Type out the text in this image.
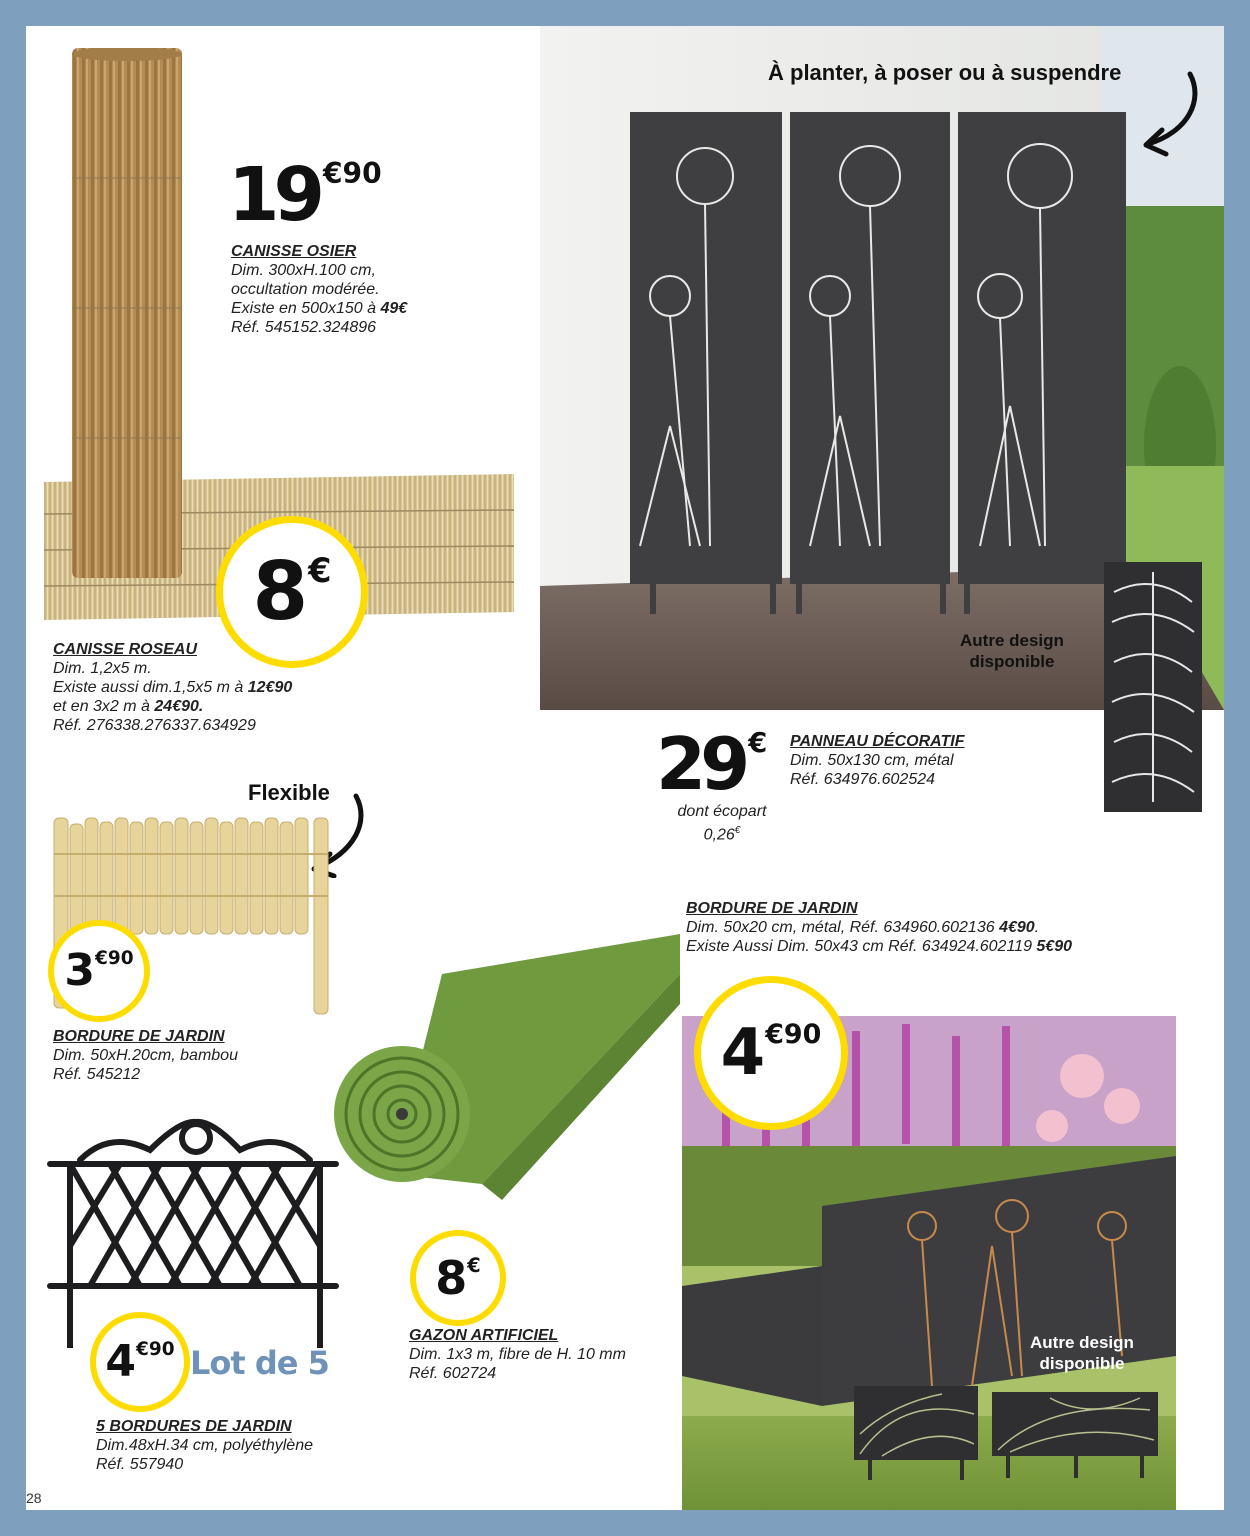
19 $^{€90}$
CANISSE OSIER
Dim. 300xH.100 cm,
occultation modérée.
Existe en 500x150 à 49€
Réf. 545152.324896
8€
CANISSE ROSEAU
Dim. 1,2x5 m.
Existe aussi dim.1,5x5 m à 12€90
et en 3x2 m à 24€90.
Réf. 276338.276337.634929
À planter, à poser ou à suspendre
Autre design
disponible
29 €
dont écopart
0,26€
PANNEAU DÉCORATIF
Dim. 50x130 cm, métal
Réf. 634976.602524
Flexible
3 $^{€90}$
BORDURE DE JARDIN
Dim. 50xH.20cm, bambou
Réf. 545212
BORDURE DE JARDIN
Dim. 50x20 cm, métal, Réf. 634960.602136 4€90.
Existe Aussi Dim. 50x43 cm Réf. 634924.602119 5€90
4 $^{€90}$
Autre design
disponible
8 €
GAZON ARTIFICIEL
Dim. 1x3 m, fibre de H. 10 mm
Réf. 602724
4 $^{€90}$ Lot de 5
5 BORDURES DE JARDIN
Dim.48xH.34 cm, polyéthylène
Réf. 557940
28
